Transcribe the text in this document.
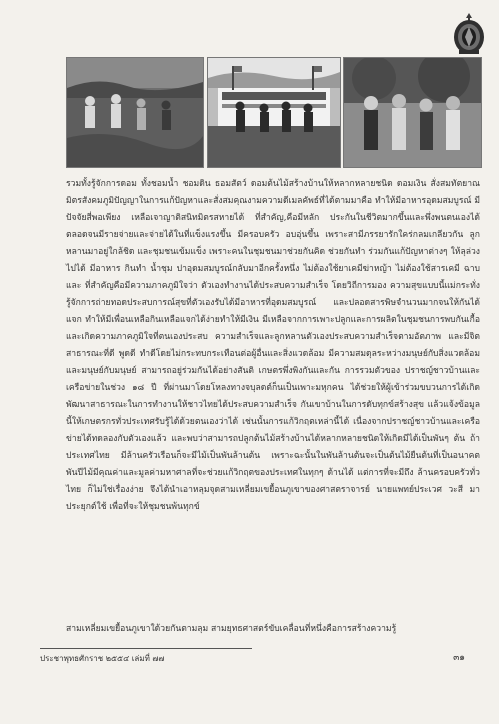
รวมทั้งรู้จักการดอม ทั้งชอมน้ำ ชอมดิน ธอมสัตว์ ดอมต้นไม้สร้างบ้านให้หลากหลายชนิด ดอมเงิน สั่งสมทัตยาณมิตรสังคมภูมิปัญญาในการแก้ปัญหาและสั่งสมคุณงามความดีเมลคัพธ์ที่ได้ตามมาคือ ทำให้มีอาหารอุดมสมบูรณ์ มีปัจจัยสี่พอเพียง เหลือเจาญาติสนิทมิตรสหายได้ ที่สำคัญ,คือมีหลัก ประกันในชีวิตมากขึ้นและพึ่งพนตนเองได้ ตลอดจนมีรายจ่ายและจ่ายได้ในที่แข็งแรงขึ้น มีครอบครัว อบอุ่นขึ้น เพราะสามีภรรยารักใคร่กลมเกลียวกัน ลูกหลานมาอยู่ใกล้ชิด และชุมชนเข้มแข็ง เพราะคนในชุมชนมาช่วยกันคิด ช่วยกันทำ ร่วมกันแก้ปัญหาต่างๆ ให้ลุล่วงไปได้ มีอาหาร กินทำ น้ำชุม ปาอุดมสมบูรณ์กลับมาอีกครั้งหนึ่ง ไม่ต้องใช้ยาเคมีฆ่าหญ้า ไม่ต้องใช้สารเคมี ฉาบและ ที่สำคัญคือมีความภาคภูมิใจว่า ตัวเองทำงานได้ประสบความสำเร็จ โดยวิถีการมอง ความสุขแบบนี้แม่กระทั่งรู้จักการถ่ายทอดประสบการณ์สุขที่ตัวเองรับได้มีอาหารที่อุดมสมบูรณ์ และปลอดสารพิษจำนวนมากจนให้กันได้แจก ทำให้มีเพื่อนเหลือกินเหลือแจกได้ง่ายทำให้มีเงิน มีเหลือจากการเพาะปลูกและการผลิตในชุมชนการพบกันเกื้อ และเกิดความภาคภูมิใจที่ตนเองประสบ ความสำเร็จและลูกหลานตัวเองประสบความสำเร็จตามอัตภาพ และมีจิตสาธารณะที่ดี พูดดี ทำดีโดยไม่กระทบกระเทือนต่อผู้อื่นและสิ่งแวดล้อม มีความสมดุลระหว่างมนุษย์กับสิ่งแวดล้อม และมนุษย์กับมนุษย์ สามารถอยู่ร่วมกันได้อย่างสันติ เกษตรพึ่งพิงกันและกัน การรวมตัวของ ปราชญ์ชาวบ้านและเครือข่ายในช่วง ๑๘ ปี ที่ผ่านมาโดยโหลงทางจบุลดต์ก็นเป็นเพาะมหุกคน ได้ช่วยให้ผู้เข้าร่วมขบวนการได้เกิดพัฒนาสาธารณะในการทำงานให้ชาวไทยได้ประสบความสำเร็จ กันเขาบ้านในการดับทุกข์สร้างสุข แล้วแจ้งข้อมูลนี้ให้เกษตรกรทั่วประเทศรับรู้ได้ด้วยตนเองว่าได้ เช่นนั้นการแก้วิกฤตเหล่านี้ได้ เนื่องจากปราชญ์ชาวบ้านและเครือข่ายได้ทดลองกับตัวเองแล้ว และพบว่าสามารถปลูกต้นไม้สร้างบ้านได้หลากหลายชนิดให้เกิดมีได้เป็นพันๆ ต้น ถ้าประเทศไทย มีล้านครัวเรือนก็จะมีไม้เป็นพันล้านต้น เพราะฉะนั้นในพันล้านต้นจะเป็นต้นไม้ยืนต้นที่เป็นอนาคต พันปีไม้มีคุณค่าและมูลค่ามหาศาลที่จะช่วยแก้วิกฤตของประเทศในทุกๆ ด้านได้ แต่การที่จะมีถึง ล้านครอบครัวทั่วไทย ก็ไม่ใช่เรื่องง่าย จึงได้นำเอาหลุมจุดสามเหลี่ยมเขยื้อนภูเขาของศาสตราจารย์ นายแพทย์ประเวศ วะสี มาประยุกต์ใช้ เพื่อที่จะให้ชุมชนพ้นทุกข์

สามเหลี่ยมเขยื้อนภูเขาใด้วยกันตามลุม สามยุทธศาสตร์ขับเคลื่อนที่หนึ่งคือการสร้างความรู้
ประชาพุทธศักราช ๒๕๕๔ เล่มที่ ๗๗	๓๑
